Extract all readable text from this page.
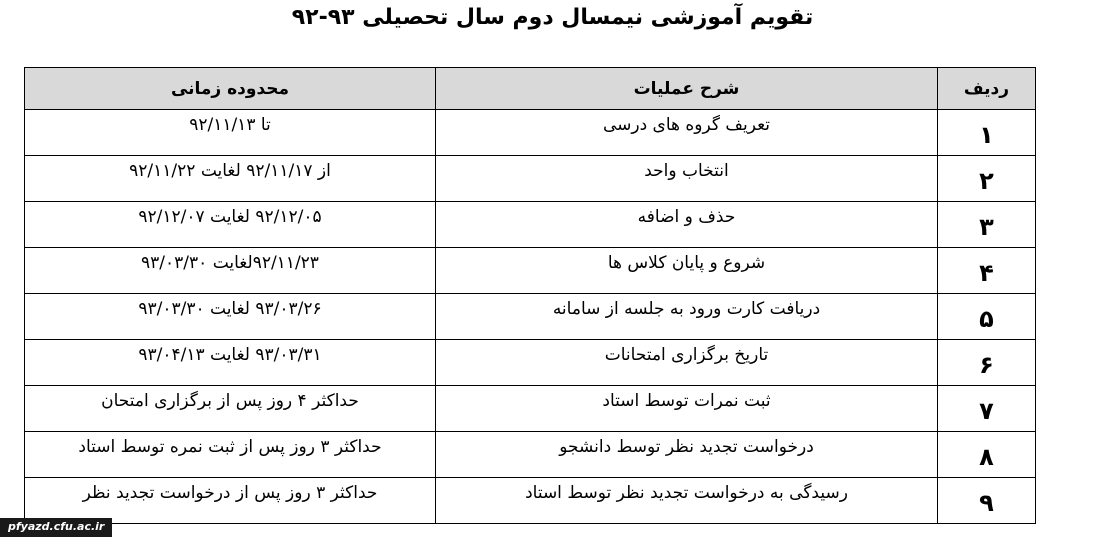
تقویم آموزشی نیمسال دوم سال تحصیلی ۹۳-۹۲
ردیف	شرح عملیات	محدوده زمانی

۱	تعریف گروه های درسی	تا ۹۲/۱۱/۱۳

۲	انتخاب واحد	از ۹۲/۱۱/۱۷ لغایت ۹۲/۱۱/۲۲

۳	حذف و اضافه	۹۲/۱۲/۰۵ لغایت ۹۲/۱۲/۰۷

۴	شروع و پایان کلاس ها	۹۲/۱۱/۲۳لغایت ۹۳/۰۳/۳۰

۵	دریافت کارت ورود به جلسه از سامانه	۹۳/۰۳/۲۶ لغایت ۹۳/۰۳/۳۰

۶	تاریخ برگزاری امتحانات	۹۳/۰۳/۳۱ لغایت ۹۳/۰۴/۱۳

۷	ثبت نمرات توسط استاد	حداکثر ۴ روز پس از برگزاری امتحان

۸	درخواست تجدید نظر توسط دانشجو	حداکثر ۳ روز پس از ثبت نمره توسط استاد

۹	رسیدگی به درخواست تجدید نظر توسط استاد	حداکثر ۳ روز پس از درخواست تجدید نظر
pfyazd.cfu.ac.ir
